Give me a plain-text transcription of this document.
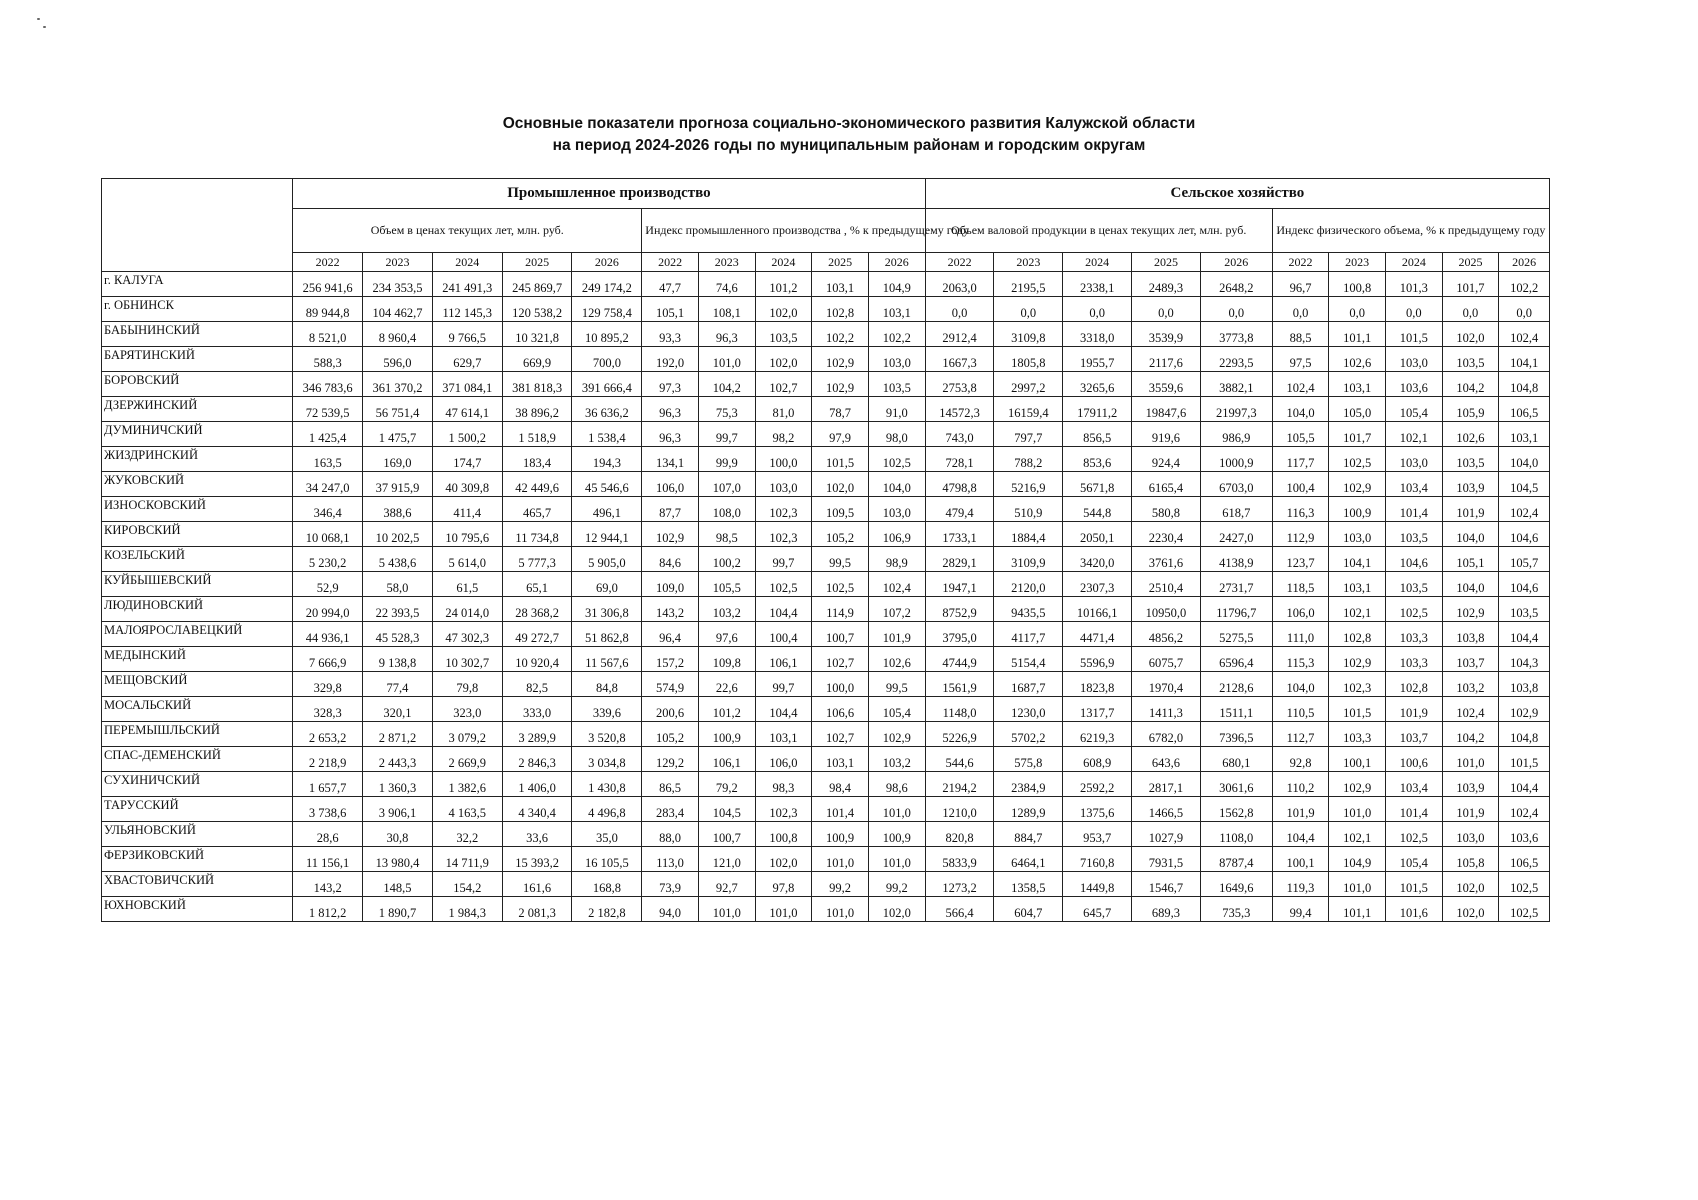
Основные показатели прогноза социально-экономического развития Калужской области
на период 2024-2026 годы по муниципальным районам и городским округам
	Промышленное производство										Сельское хозяйство									
	Объем в ценах текущих лет, млн. руб.					Индекс промышленного производства , % к предыдущему году					Объем валовой продукции в ценах текущих лет, млн. руб.					Индекс физического объема, % к предыдущему году				
	2022	2023	2024	2025	2026	2022	2023	2024	2025	2026	2022	2023	2024	2025	2026	2022	2023	2024	2025	2026
г. КАЛУГА	256 941,6	234 353,5	241 491,3	245 869,7	249 174,2	47,7	74,6	101,2	103,1	104,9	2063,0	2195,5	2338,1	2489,3	2648,2	96,7	100,8	101,3	101,7	102,2
г. ОБНИНСК	89 944,8	104 462,7	112 145,3	120 538,2	129 758,4	105,1	108,1	102,0	102,8	103,1	0,0	0,0	0,0	0,0	0,0	0,0	0,0	0,0	0,0	0,0
БАБЫНИНСКИЙ	8 521,0	8 960,4	9 766,5	10 321,8	10 895,2	93,3	96,3	103,5	102,2	102,2	2912,4	3109,8	3318,0	3539,9	3773,8	88,5	101,1	101,5	102,0	102,4
БАРЯТИНСКИЙ	588,3	596,0	629,7	669,9	700,0	192,0	101,0	102,0	102,9	103,0	1667,3	1805,8	1955,7	2117,6	2293,5	97,5	102,6	103,0	103,5	104,1
БОРОВСКИЙ	346 783,6	361 370,2	371 084,1	381 818,3	391 666,4	97,3	104,2	102,7	102,9	103,5	2753,8	2997,2	3265,6	3559,6	3882,1	102,4	103,1	103,6	104,2	104,8
ДЗЕРЖИНСКИЙ	72 539,5	56 751,4	47 614,1	38 896,2	36 636,2	96,3	75,3	81,0	78,7	91,0	14572,3	16159,4	17911,2	19847,6	21997,3	104,0	105,0	105,4	105,9	106,5
ДУМИНИЧСКИЙ	1 425,4	1 475,7	1 500,2	1 518,9	1 538,4	96,3	99,7	98,2	97,9	98,0	743,0	797,7	856,5	919,6	986,9	105,5	101,7	102,1	102,6	103,1
ЖИЗДРИНСКИЙ	163,5	169,0	174,7	183,4	194,3	134,1	99,9	100,0	101,5	102,5	728,1	788,2	853,6	924,4	1000,9	117,7	102,5	103,0	103,5	104,0
ЖУКОВСКИЙ	34 247,0	37 915,9	40 309,8	42 449,6	45 546,6	106,0	107,0	103,0	102,0	104,0	4798,8	5216,9	5671,8	6165,4	6703,0	100,4	102,9	103,4	103,9	104,5
ИЗНОСКОВСКИЙ	346,4	388,6	411,4	465,7	496,1	87,7	108,0	102,3	109,5	103,0	479,4	510,9	544,8	580,8	618,7	116,3	100,9	101,4	101,9	102,4
КИРОВСКИЙ	10 068,1	10 202,5	10 795,6	11 734,8	12 944,1	102,9	98,5	102,3	105,2	106,9	1733,1	1884,4	2050,1	2230,4	2427,0	112,9	103,0	103,5	104,0	104,6
КОЗЕЛЬСКИЙ	5 230,2	5 438,6	5 614,0	5 777,3	5 905,0	84,6	100,2	99,7	99,5	98,9	2829,1	3109,9	3420,0	3761,6	4138,9	123,7	104,1	104,6	105,1	105,7
КУЙБЫШЕВСКИЙ	52,9	58,0	61,5	65,1	69,0	109,0	105,5	102,5	102,5	102,4	1947,1	2120,0	2307,3	2510,4	2731,7	118,5	103,1	103,5	104,0	104,6
ЛЮДИНОВСКИЙ	20 994,0	22 393,5	24 014,0	28 368,2	31 306,8	143,2	103,2	104,4	114,9	107,2	8752,9	9435,5	10166,1	10950,0	11796,7	106,0	102,1	102,5	102,9	103,5
МАЛОЯРОСЛАВЕЦКИЙ	44 936,1	45 528,3	47 302,3	49 272,7	51 862,8	96,4	97,6	100,4	100,7	101,9	3795,0	4117,7	4471,4	4856,2	5275,5	111,0	102,8	103,3	103,8	104,4
МЕДЫНСКИЙ	7 666,9	9 138,8	10 302,7	10 920,4	11 567,6	157,2	109,8	106,1	102,7	102,6	4744,9	5154,4	5596,9	6075,7	6596,4	115,3	102,9	103,3	103,7	104,3
МЕЩОВСКИЙ	329,8	77,4	79,8	82,5	84,8	574,9	22,6	99,7	100,0	99,5	1561,9	1687,7	1823,8	1970,4	2128,6	104,0	102,3	102,8	103,2	103,8
МОСАЛЬСКИЙ	328,3	320,1	323,0	333,0	339,6	200,6	101,2	104,4	106,6	105,4	1148,0	1230,0	1317,7	1411,3	1511,1	110,5	101,5	101,9	102,4	102,9
ПЕРЕМЫШЛЬСКИЙ	2 653,2	2 871,2	3 079,2	3 289,9	3 520,8	105,2	100,9	103,1	102,7	102,9	5226,9	5702,2	6219,3	6782,0	7396,5	112,7	103,3	103,7	104,2	104,8
СПАС-ДЕМЕНСКИЙ	2 218,9	2 443,3	2 669,9	2 846,3	3 034,8	129,2	106,1	106,0	103,1	103,2	544,6	575,8	608,9	643,6	680,1	92,8	100,1	100,6	101,0	101,5
СУХИНИЧСКИЙ	1 657,7	1 360,3	1 382,6	1 406,0	1 430,8	86,5	79,2	98,3	98,4	98,6	2194,2	2384,9	2592,2	2817,1	3061,6	110,2	102,9	103,4	103,9	104,4
ТАРУССКИЙ	3 738,6	3 906,1	4 163,5	4 340,4	4 496,8	283,4	104,5	102,3	101,4	101,0	1210,0	1289,9	1375,6	1466,5	1562,8	101,9	101,0	101,4	101,9	102,4
УЛЬЯНОВСКИЙ	28,6	30,8	32,2	33,6	35,0	88,0	100,7	100,8	100,9	100,9	820,8	884,7	953,7	1027,9	1108,0	104,4	102,1	102,5	103,0	103,6
ФЕРЗИКОВСКИЙ	11 156,1	13 980,4	14 711,9	15 393,2	16 105,5	113,0	121,0	102,0	101,0	101,0	5833,9	6464,1	7160,8	7931,5	8787,4	100,1	104,9	105,4	105,8	106,5
ХВАСТОВИЧСКИЙ	143,2	148,5	154,2	161,6	168,8	73,9	92,7	97,8	99,2	99,2	1273,2	1358,5	1449,8	1546,7	1649,6	119,3	101,0	101,5	102,0	102,5
ЮХНОВСКИЙ	1 812,2	1 890,7	1 984,3	2 081,3	2 182,8	94,0	101,0	101,0	101,0	102,0	566,4	604,7	645,7	689,3	735,3	99,4	101,1	101,6	102,0	102,5
